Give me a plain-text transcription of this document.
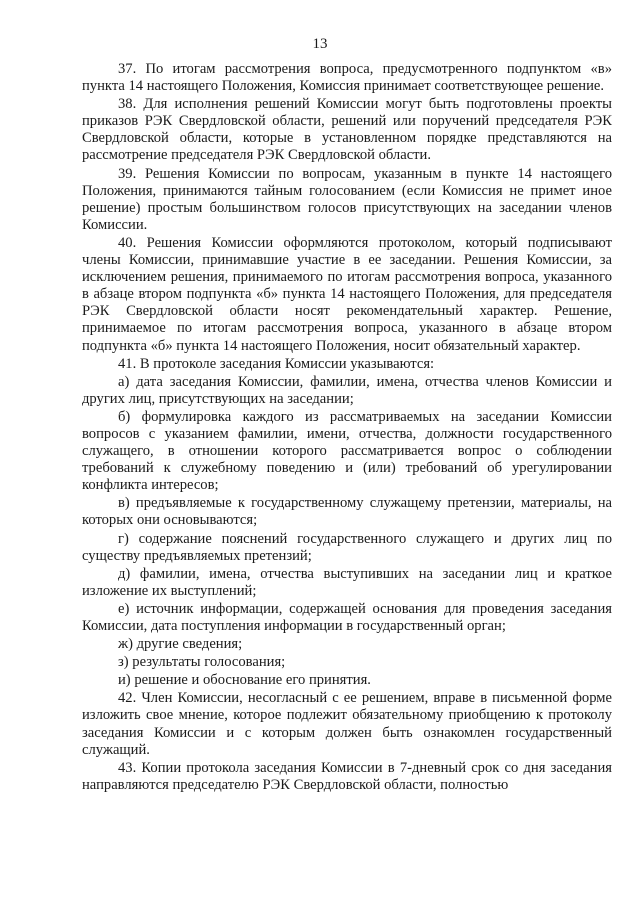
13

37. По итогам рассмотрения вопроса, предусмотренного подпунктом «в» пункта 14 настоящего Положения, Комиссия принимает соответствующее решение.

38. Для исполнения решений Комиссии могут быть подготовлены проекты приказов РЭК Свердловской области, решений или поручений председателя РЭК Свердловской области, которые в установленном порядке представляются на рассмотрение председателя РЭК Свердловской области.

39. Решения Комиссии по вопросам, указанным в пункте 14 настоящего Положения, принимаются тайным голосованием (если Комиссия не примет иное решение) простым большинством голосов присутствующих на заседании членов Комиссии.

40. Решения Комиссии оформляются протоколом, который подписывают члены Комиссии, принимавшие участие в ее заседании. Решения Комиссии, за исключением решения, принимаемого по итогам рассмотрения вопроса, указанного в абзаце втором подпункта «б» пункта 14 настоящего Положения, для председателя РЭК Свердловской области носят рекомендательный характер. Решение, принимаемое по итогам рассмотрения вопроса, указанного в абзаце втором подпункта «б» пункта 14 настоящего Положения, носит обязательный характер.

41. В протоколе заседания Комиссии указываются:

а) дата заседания Комиссии, фамилии, имена, отчества членов Комиссии и других лиц, присутствующих на заседании;

б) формулировка каждого из рассматриваемых на заседании Комиссии вопросов с указанием фамилии, имени, отчества, должности государственного служащего, в отношении которого рассматривается вопрос о соблюдении требований к служебному поведению и (или) требований об урегулировании конфликта интересов;

в) предъявляемые к государственному служащему претензии, материалы, на которых они основываются;

г) содержание пояснений государственного служащего и других лиц по существу предъявляемых претензий;

д) фамилии, имена, отчества выступивших на заседании лиц и краткое изложение их выступлений;

е) источник информации, содержащей основания для проведения заседания Комиссии, дата поступления информации в государственный орган;

ж) другие сведения;

з) результаты голосования;

и) решение и обоснование его принятия.

42. Член Комиссии, несогласный с ее решением, вправе в письменной форме изложить свое мнение, которое подлежит обязательному приобщению к протоколу заседания Комиссии и с которым должен быть ознакомлен государственный служащий.

43. Копии протокола заседания Комиссии в 7-дневный срок со дня заседания направляются председателю РЭК Свердловской области, полностью
